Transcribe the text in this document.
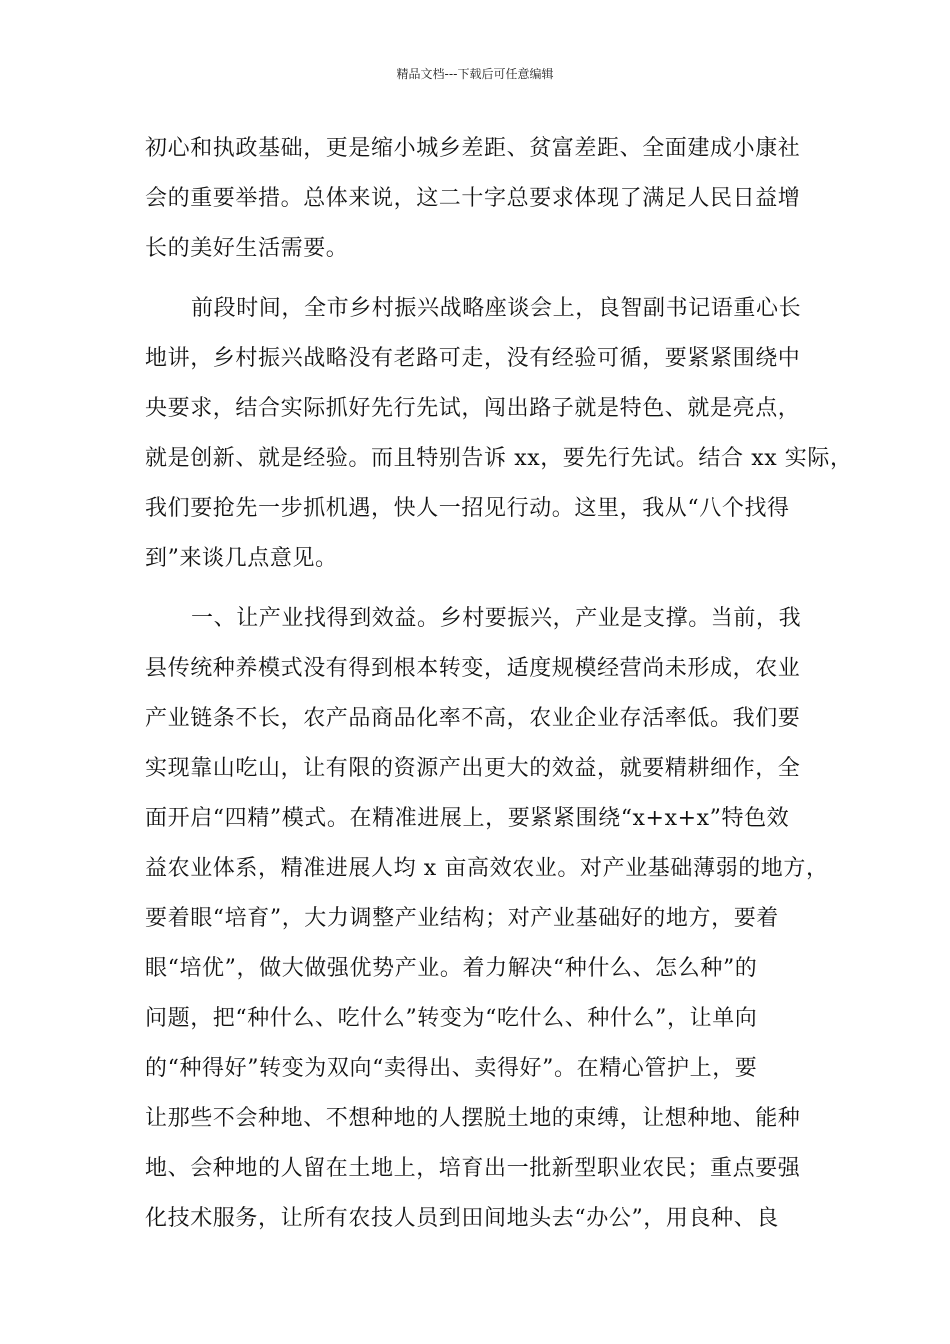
精品文档---下载后可任意编辑
初心和执政基础，更是缩小城乡差距、贫富差距、全面建成小康社
会的重要举措。总体来说，这二十字总要求体现了满足人民日益增
长的美好生活需要。
前段时间，全市乡村振兴战略座谈会上，良智副书记语重心长
地讲，乡村振兴战略没有老路可走，没有经验可循，要紧紧围绕中
央要求，结合实际抓好先行先试，闯出路子就是特色、就是亮点，
就是创新、就是经验。而且特别告诉 xx，要先行先试。结合 xx 实际，
我们要抢先一步抓机遇，快人一招见行动。这里，我从“八个找得
到”来谈几点意见。
一、让产业找得到效益。乡村要振兴，产业是支撑。当前，我
县传统种养模式没有得到根本转变，适度规模经营尚未形成，农业
产业链条不长，农产品商品化率不高，农业企业存活率低。我们要
实现靠山吃山，让有限的资源产出更大的效益，就要精耕细作，全
面开启“四精”模式。在精准进展上，要紧紧围绕“x+x+x”特色效
益农业体系，精准进展人均 x 亩高效农业。对产业基础薄弱的地方，
要着眼“培育”，大力调整产业结构；对产业基础好的地方，要着
眼“培优”，做大做强优势产业。着力解决“种什么、怎么种”的
问题，把“种什么、吃什么”转变为“吃什么、种什么”，让单向
的“种得好”转变为双向“卖得出、卖得好”。在精心管护上，要
让那些不会种地、不想种地的人摆脱土地的束缚，让想种地、能种
地、会种地的人留在土地上，培育出一批新型职业农民；重点要强
化技术服务，让所有农技人员到田间地头去“办公”，用良种、良
